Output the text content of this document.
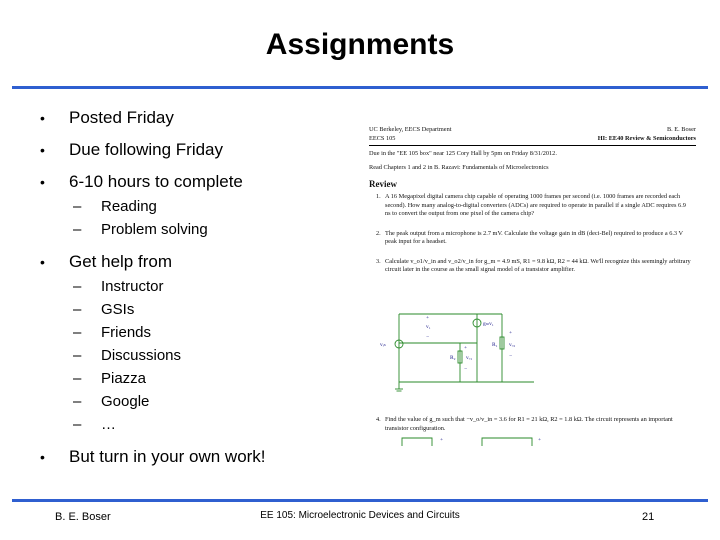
Assignments
• Posted Friday
• Due following Friday
• 6-10 hours to complete
– Reading
– Problem solving
• Get help from
– Instructor
– GSIs
– Friends
– Discussions
– Piazza
– Google
– …
• But turn in your own work!
UC Berkeley, EECS Department	B. E. Boser
EECS 105	HI: EE40 Review & Semiconductors
Due in the "EE 105 box" near 125 Cory Hall by 5pm on Friday 8/31/2012.
Read Chapters 1 and 2 in B. Razavi: Fundamentals of Microelectronics
Review
1. A 16 Megapixel digital camera chip capable of operating 1000 frames per second (i.e. 1000 frames are recorded each second). How many analog-to-digital converters (ADCs) are required to operate in parallel if a single ADC requires 6.9 ns to convert the output from one pixel of the camera chip?
2. The peak output from a microphone is 2.7 mV. Calculate the voltage gain in dB (deci-Bel) required to produce a 6.3 V peak input for a headset.
3. Calculate v_o1/v_in and v_o2/v_in for g_m = 4.9 mS, R1 = 9.8 kΩ, R2 = 44 kΩ. We'll recognize this seemingly arbitrary circuit later in the course as the small signal model of a transistor amplifier.
+
v₁
−
gₘv₁
vᵢₙ	+
R₂ vₒ₁
−
+
R₁ vₒ₂
−
4. Find the value of g_m such that −v_o/v_in = 3.6 for R1 = 21 kΩ, R2 = 1.8 kΩ. The circuit represents an important transistor configuration.
+	+
B. E. Boser	EE 105: Microelectronic Devices and Circuits	21
